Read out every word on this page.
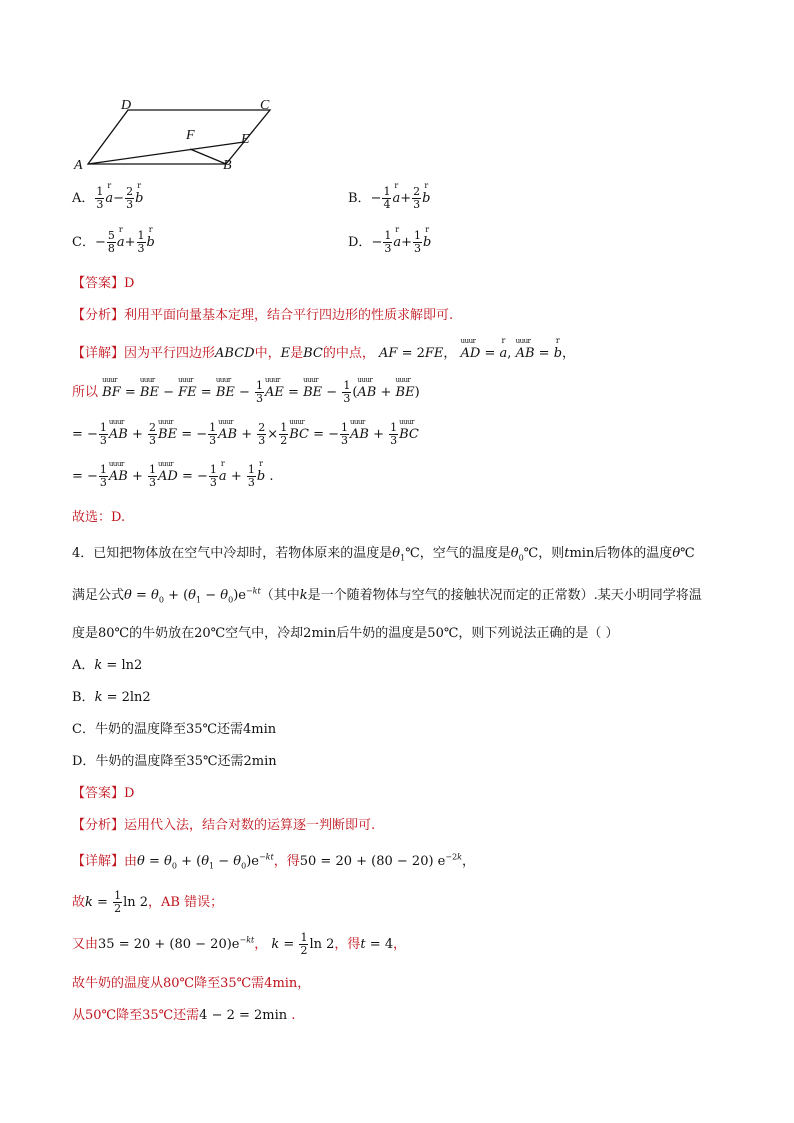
D	C
F	E
A	B
A． $\frac{1}{3}$ r $a- \frac{2}{3}$ r b	B．− $\frac{1}{4}$ r $a+ \frac{2}{3}$ r b
C．− $\frac{5}{8}$ r $a+ \frac{1}{3}$ r b	D．− $\frac{1}{3}$ r $a+ \frac{1}{3}$ r b
【答案】D
【分析】利用平面向量基本定理，结合平行四边形的性质求解即可.
【详解】因为平行四边形ABCD中，E是BC的中点， AF = 2FE， uuur AD = r a, uuur AB = r b，
所以 uuur BF = uuur BE − uuur FE = uuur BE − $\frac{1}{3}$ uuur AE = uuur BE − $\frac{1}{3}$ (uuur AB + uuur BE)
= − $\frac{1}{3}$ uuur AB + $\frac{2}{3}$ uuur BE = − $\frac{1}{3}$ uuur AB + $\frac{2}{3} \times \frac{1}{2}$ uuur BC = − $\frac{1}{3}$ uuur AB + $\frac{1}{3}$ uuur BC
= − $\frac{1}{3}$ uuur AB + $\frac{1}{3}$ uuur AD = − $\frac{1}{3}$ r $a + \frac{1}{3}$ r b .
故选：D.
4．已知把物体放在空气中冷却时，若物体原来的温度是$\theta_1℃$，空气的温度是$\theta_0℃$，则tmin后物体的温度θ℃
满足公式$\theta = \theta_0 + (\theta_1 - \theta_0)e^{-kt}$（其中k是一个随着物体与空气的接触状况而定的正常数）.某天小明同学将温
度是80℃的牛奶放在20℃空气中，冷却2min后牛奶的温度是50℃，则下列说法正确的是（ ）
A．k = ln2
B．k = 2ln2
C．牛奶的温度降至35℃还需4min
D．牛奶的温度降至35℃还需2min
【答案】D
【分析】运用代入法，结合对数的运算逐一判断即可.
【详解】由$\theta = \theta_0 + (\theta_1 - \theta_0)e^{-kt}$，得50 = 20 + (80 − 20) $e^{-2k}$，
故$k = \frac{1}{2}$ ln 2，AB 错误；
又由$35 = 20 + (80 - 20)e^{-kt}$， $k = \frac{1}{2}$ ln 2，得t = 4，
故牛奶的温度从80℃降至35℃需4min，
从50℃降至35℃还需4 − 2 = 2min .
